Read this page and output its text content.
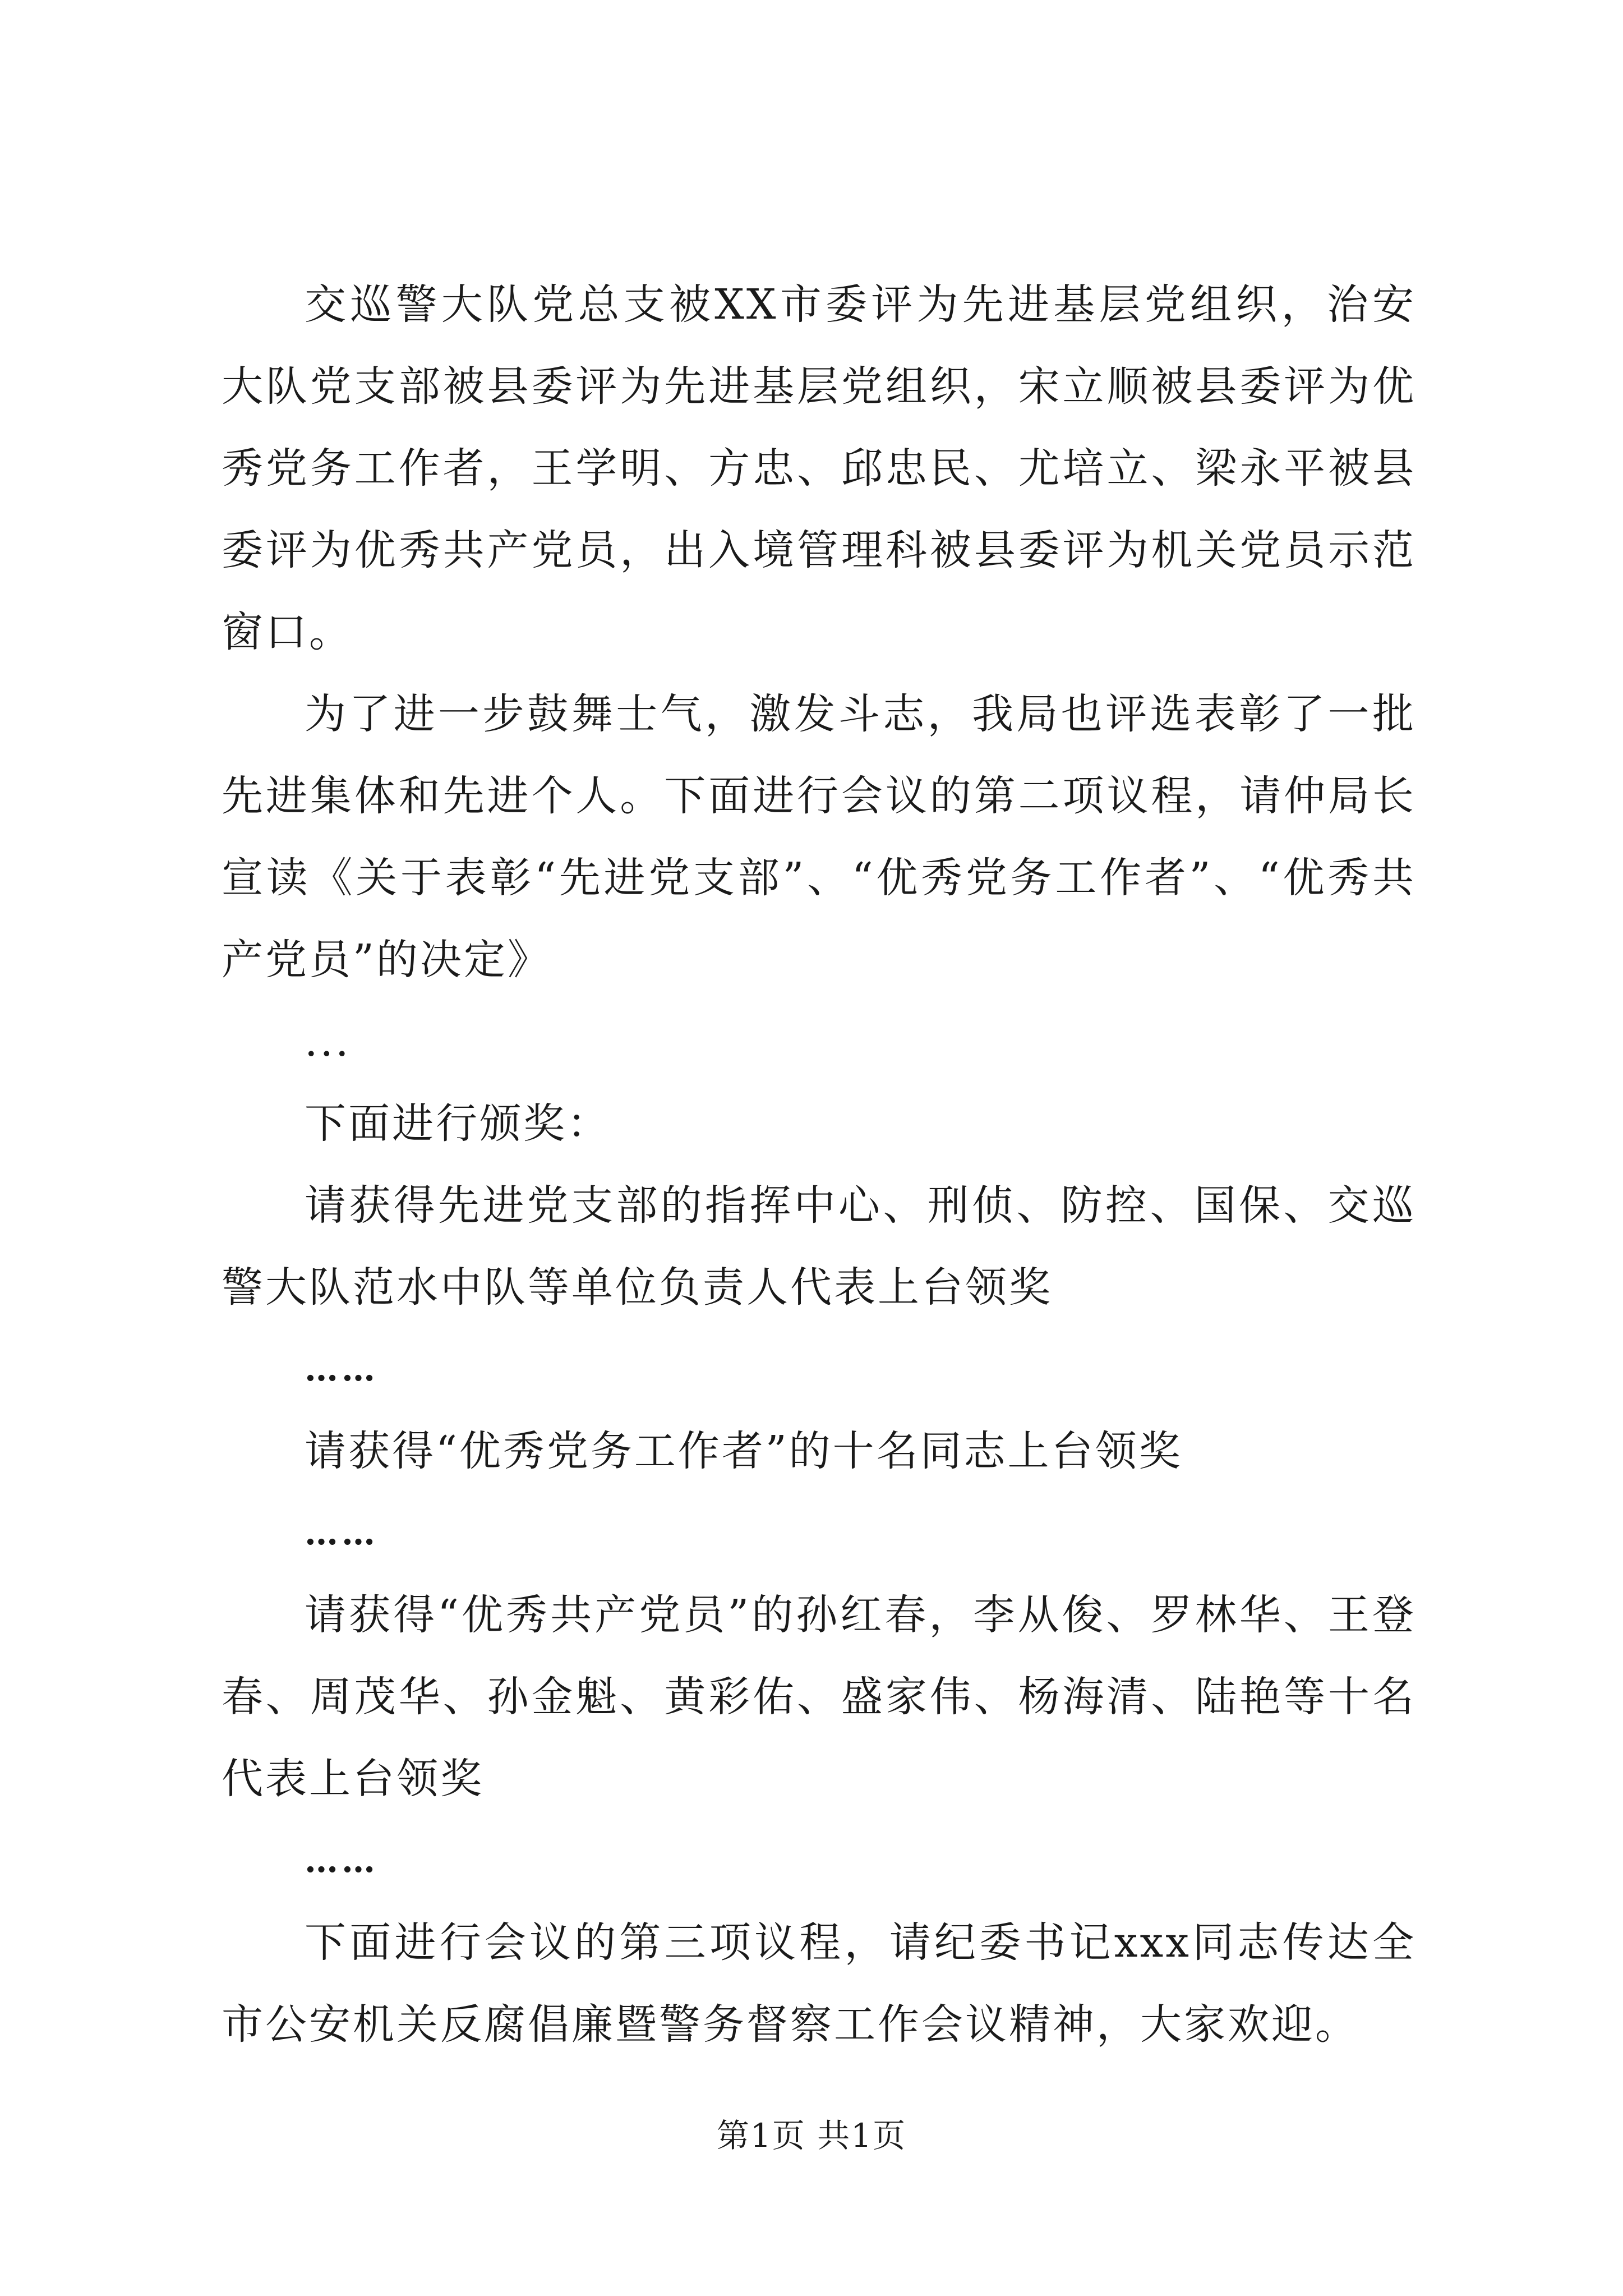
交巡警大队党总支被XX市委评为先进基层党组织，治安大队党支部被县委评为先进基层党组织，宋立顺被县委评为优秀党务工作者，王学明、方忠、邱忠民、尤培立、梁永平被县委评为优秀共产党员，出入境管理科被县委评为机关党员示范窗口。

为了进一步鼓舞士气，激发斗志，我局也评选表彰了一批先进集体和先进个人。下面进行会议的第二项议程，请仲局长宣读《关于表彰“先进党支部”、“优秀党务工作者”、“优秀共产党员”的决定》

...

下面进行颁奖：

请获得先进党支部的指挥中心、刑侦、防控、国保、交巡警大队范水中队等单位负责人代表上台领奖

……

请获得“优秀党务工作者”的十名同志上台领奖

……

请获得“优秀共产党员”的孙红春，李从俊、罗林华、王登春、周茂华、孙金魁、黄彩佑、盛家伟、杨海清、陆艳等十名代表上台领奖

……

下面进行会议的第三项议程，请纪委书记xxx同志传达全市公安机关反腐倡廉暨警务督察工作会议精神，大家欢迎。

第1页 共1页
